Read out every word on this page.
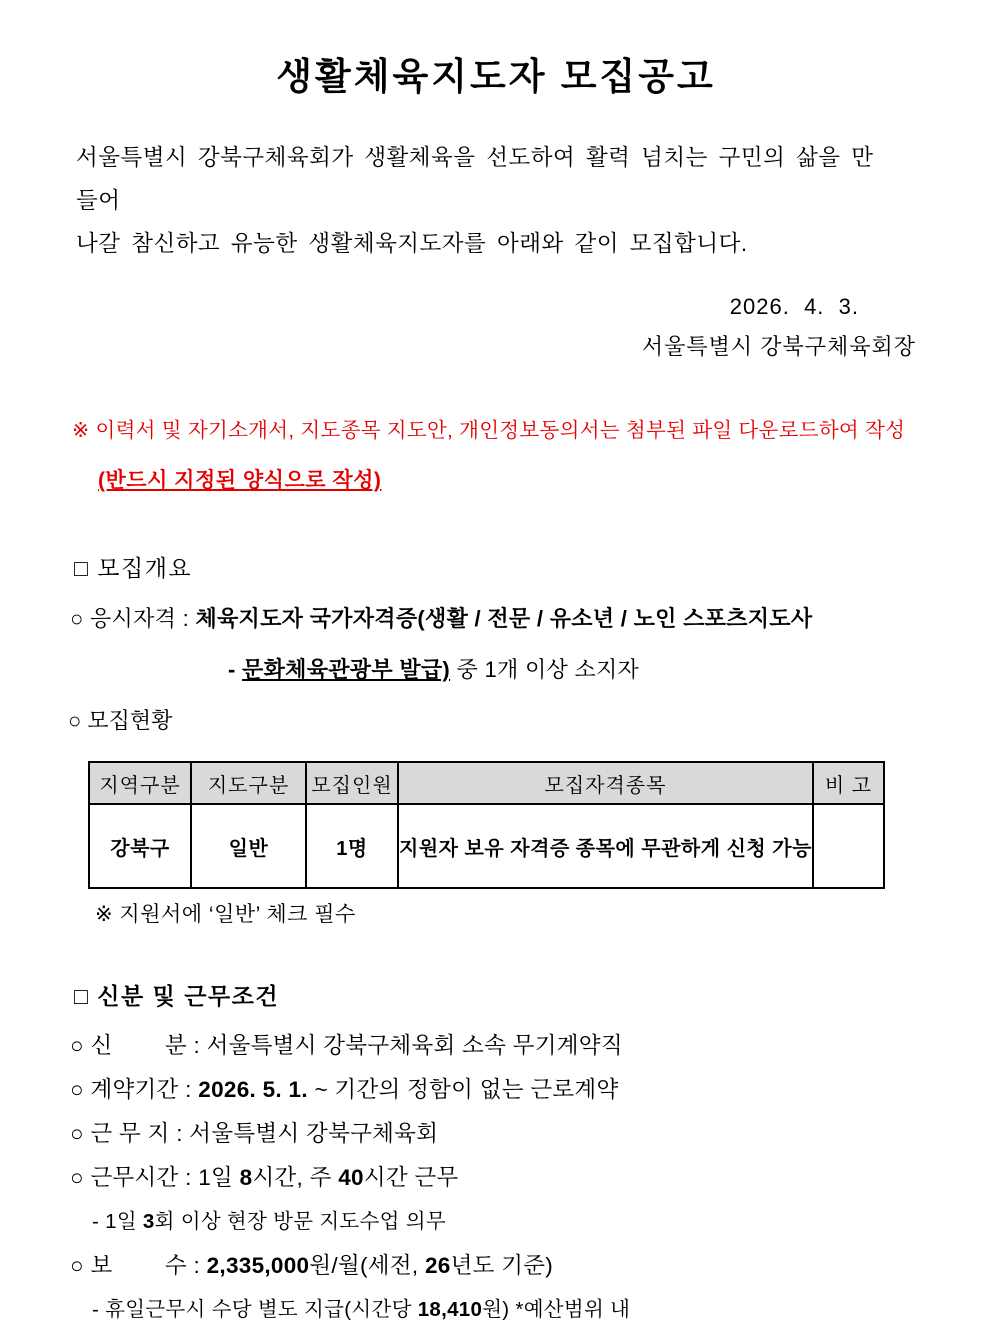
생활체육지도자 모집공고
서울특별시 강북구체육회가 생활체육을 선도하여 활력 넘치는 구민의 삶을 만들어
나갈 참신하고 유능한 생활체육지도자를 아래와 같이 모집합니다.
2026.  4.  3.
서울특별시 강북구체육회장
※ 이력서 및 자기소개서, 지도종목 지도안, 개인정보동의서는 첨부된 파일 다운로드하여 작성
(반드시 지정된 양식으로 작성)
□ 모집개요
○ 응시자격 : 체육지도자 국가자격증(생활 / 전문 / 유소년 / 노인 스포츠지도사
- 문화체육관광부 발급) 중 1개 이상 소지자
○ 모집현황
지역구분	지도구분	모집인원	모집자격종목	비 고
강북구	일반	1명	지원자 보유 자격증 종목에 무관하게 신청 가능	
※ 지원서에 ‘일반’ 체크 필수
□ 신분 및 근무조건
○ 신        분 : 서울특별시 강북구체육회 소속 무기계약직
○ 계약기간 : 2026. 5. 1. ~ 기간의 정함이 없는 근로계약
○ 근 무 지 : 서울특별시 강북구체육회
○ 근무시간 : 1일 8시간, 주 40시간 근무
- 1일 3회 이상 현장 방문 지도수업 의무
○ 보        수 : 2,335,000원/월(세전, 26년도 기준)
- 휴일근무시 수당 별도 지급(시간당 18,410원) *예산범위 내
